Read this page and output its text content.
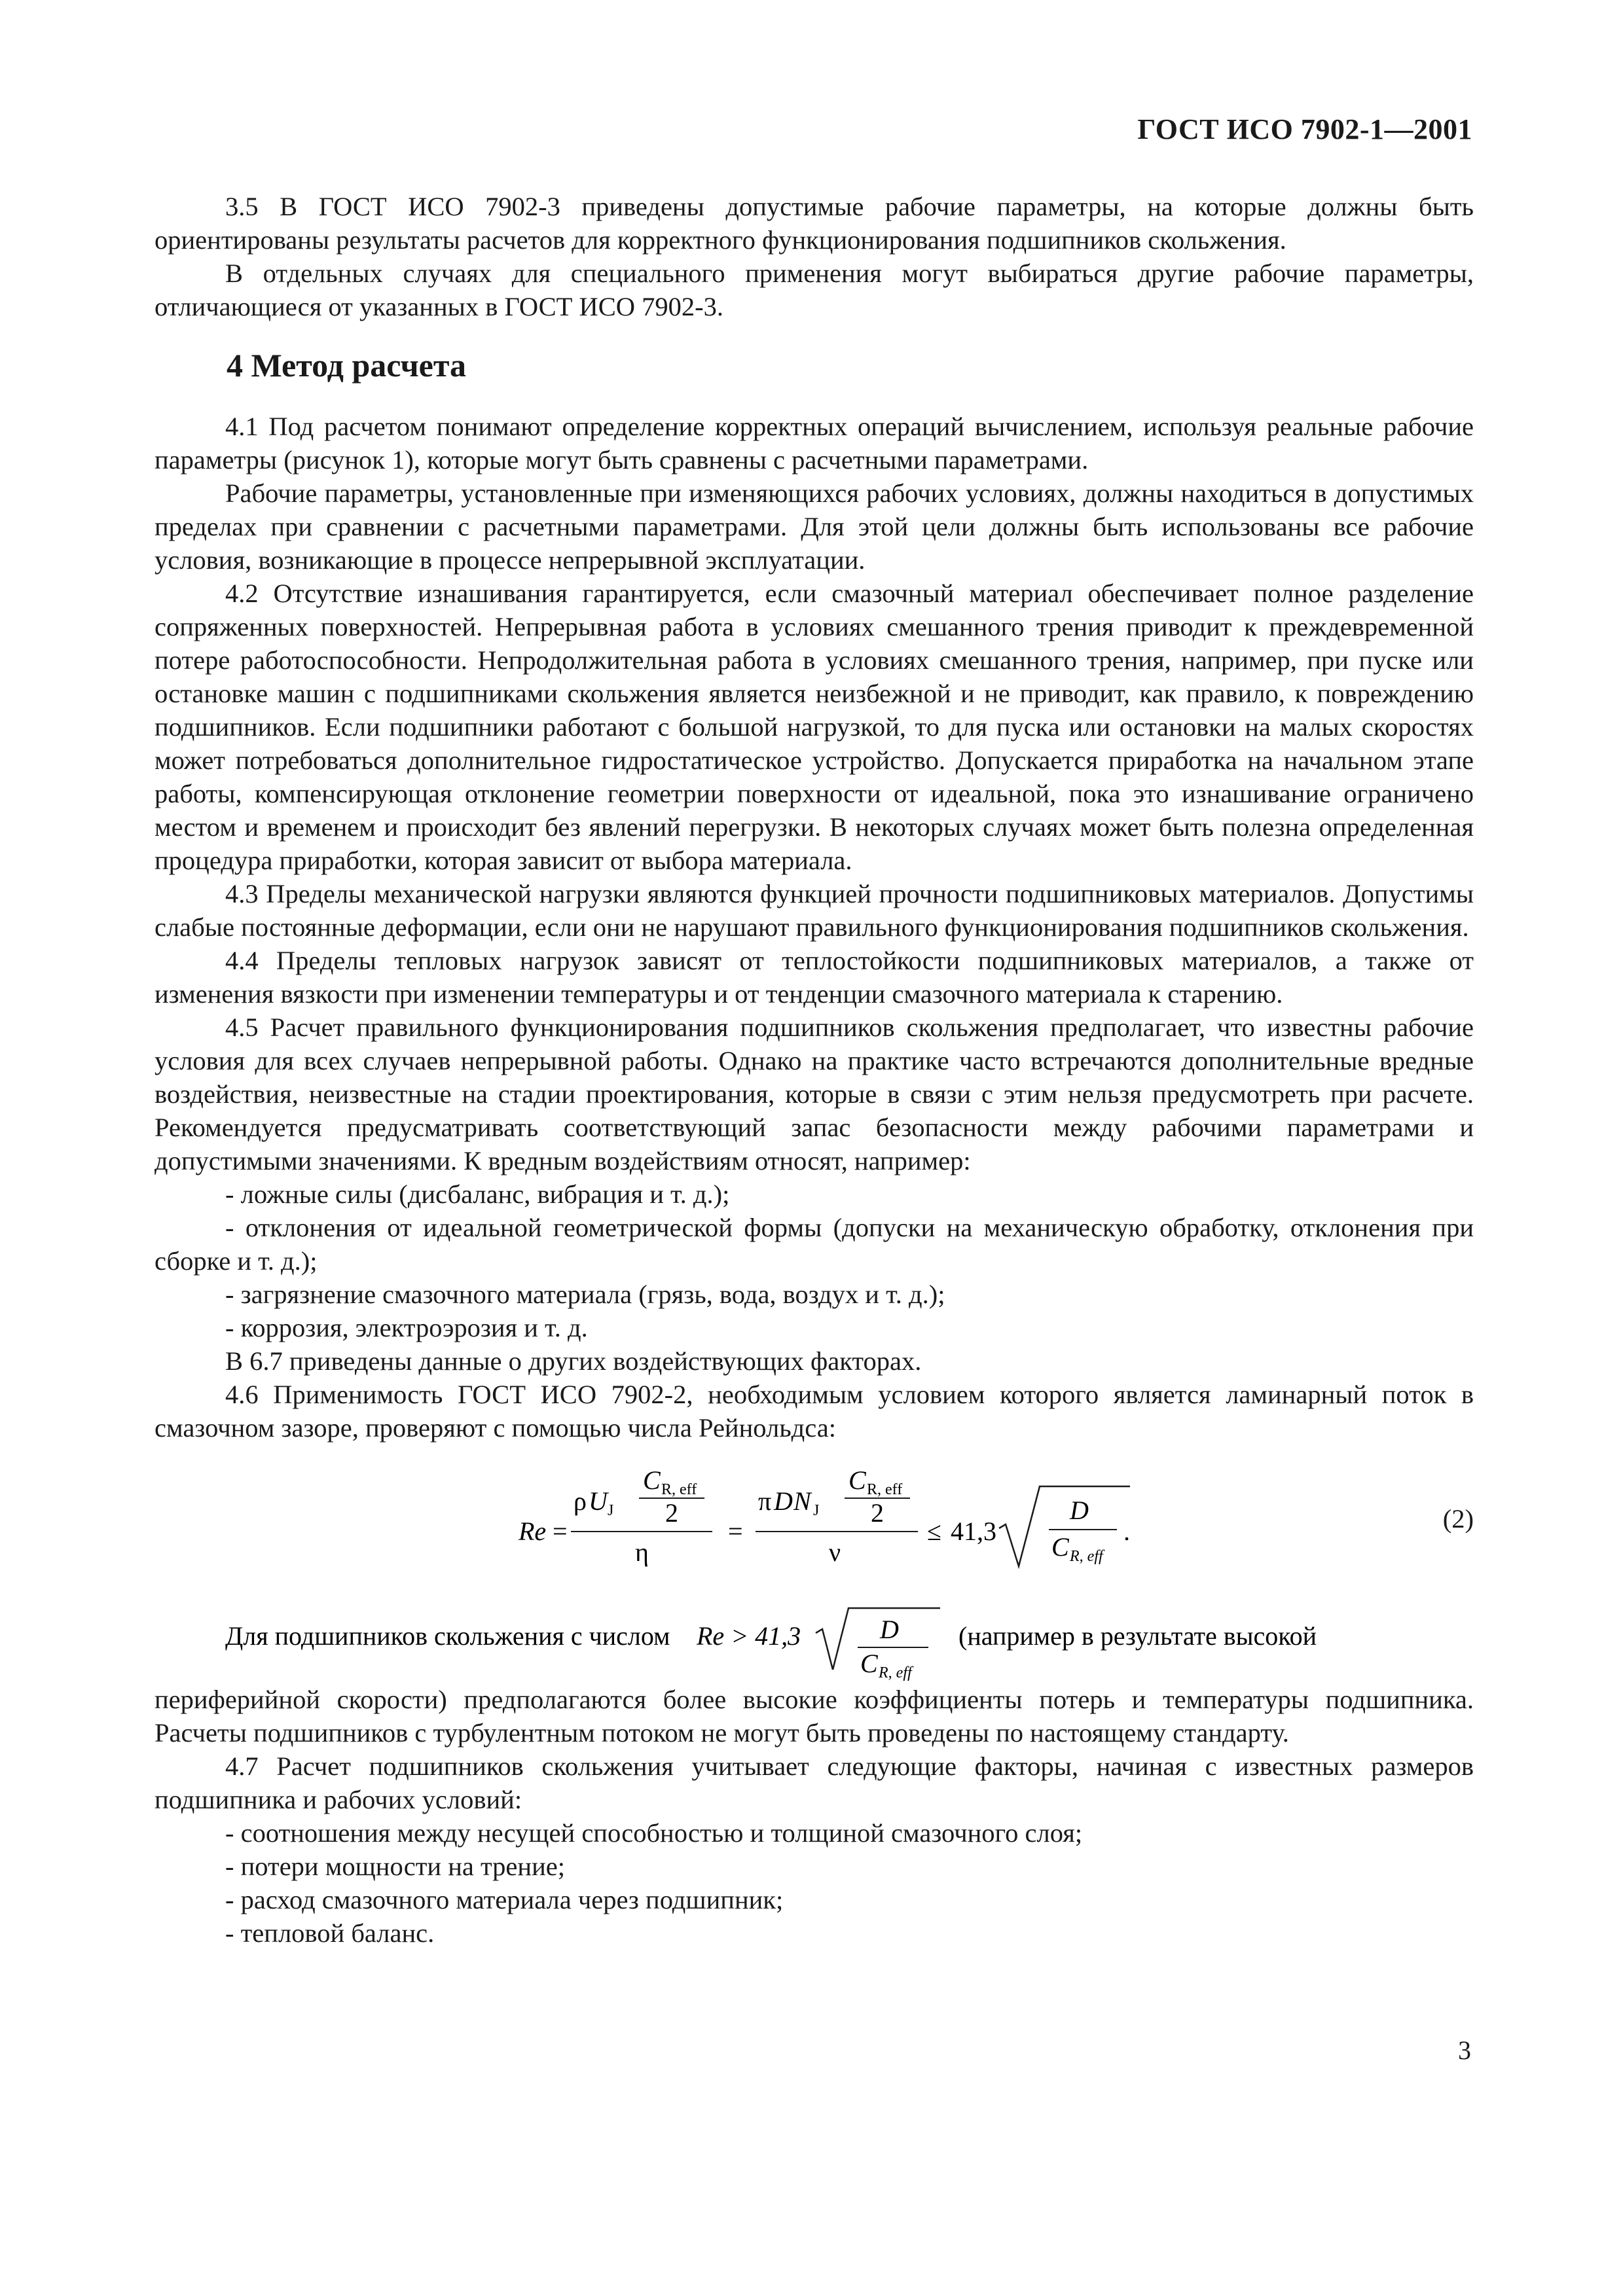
ГОСТ ИСО 7902-1—2001

3.5 В ГОСТ ИСО 7902-3 приведены допустимые рабочие параметры, на которые должны быть ориентированы результаты расчетов для корректного функционирования подшипников скольжения.

В отдельных случаях для специального применения могут выбираться другие рабочие параметры, отличающиеся от указанных в ГОСТ ИСО 7902-3.

4 Метод расчета

4.1 Под расчетом понимают определение корректных операций вычислением, используя реальные рабочие параметры (рисунок 1), которые могут быть сравнены с расчетными параметрами.

Рабочие параметры, установленные при изменяющихся рабочих условиях, должны находиться в допустимых пределах при сравнении с расчетными параметрами. Для этой цели должны быть использованы все рабочие условия, возникающие в процессе непрерывной эксплуатации.

4.2 Отсутствие изнашивания гарантируется, если смазочный материал обеспечивает полное разделение сопряженных поверхностей. Непрерывная работа в условиях смешанного трения приводит к преждевременной потере работоспособности. Непродолжительная работа в условиях смешанного трения, например, при пуске или остановке машин с подшипниками скольжения является неизбежной и не приводит, как правило, к повреждению подшипников. Если подшипники работают с большой нагрузкой, то для пуска или остановки на малых скоростях может потребоваться дополнительное гидростатическое устройство. Допускается приработка на начальном этапе работы, компенсирующая отклонение геометрии поверхности от идеальной, пока это изнашивание ограничено местом и временем и происходит без явлений перегрузки. В некоторых случаях может быть полезна определенная процедура приработки, которая зависит от выбора материала.

4.3 Пределы механической нагрузки являются функцией прочности подшипниковых материалов. Допустимы слабые постоянные деформации, если они не нарушают правильного функционирования подшипников скольжения.

4.4 Пределы тепловых нагрузок зависят от теплостойкости подшипниковых материалов, а также от изменения вязкости при изменении температуры и от тенденции смазочного материала к старению.

4.5 Расчет правильного функционирования подшипников скольжения предполагает, что известны рабочие условия для всех случаев непрерывной работы. Однако на практике часто встречаются дополнительные вредные воздействия, неизвестные на стадии проектирования, которые в связи с этим нельзя предусмотреть при расчете. Рекомендуется предусматривать соответствующий запас безопасности между рабочими параметрами и допустимыми значениями. К вредным воздействиям относят, например:

- ложные силы (дисбаланс, вибрация и т. д.);

- отклонения от идеальной геометрической формы (допуски на механическую обработку, отклонения при сборке и т. д.);

- загрязнение смазочного материала (грязь, вода, воздух и т. д.);

- коррозия, электроэрозия и т. д.

В 6.7 приведены данные о других воздействующих факторах.

4.6 Применимость ГОСТ ИСО 7902-2, необходимым условием которого является ламинарный поток в смазочном зазоре, проверяют с помощью числа Рейнольдса:

Re =
ρ U J
C R, eff
2
η
=
π D N J
C R, eff
2
ν
≤ 41,3
D
C R, eff
.	(2)
Для подшипников скольжения с числом Re > 41,3	D
C R, eff
(например в результате высокой

периферийной скорости) предполагаются более высокие коэффициенты потерь и температуры подшипника. Расчеты подшипников с турбулентным потоком не могут быть проведены по настоящему стандарту.

4.7 Расчет подшипников скольжения учитывает следующие факторы, начиная с известных размеров подшипника и рабочих условий:

- соотношения между несущей способностью и толщиной смазочного слоя;

- потери мощности на трение;

- расход смазочного материала через подшипник;

- тепловой баланс.

3
